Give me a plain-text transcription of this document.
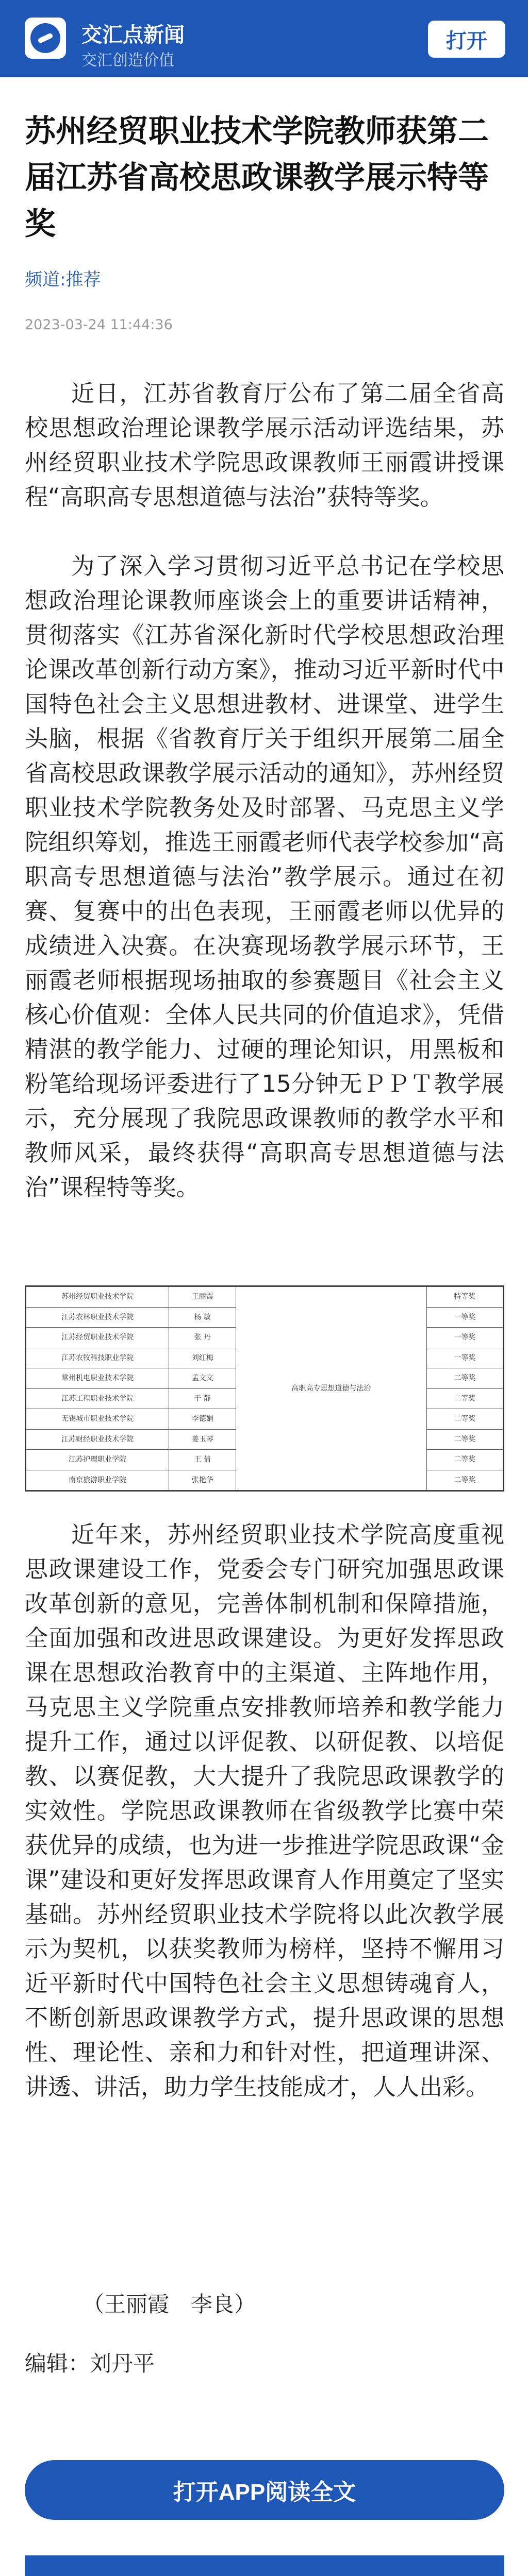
交汇点新闻
交汇创造价值
打开
苏州经贸职业技术学院教师获第二届江苏省高校思政课教学展示特等奖
频道:推荐
2023-03-24 11:44:36

近日，江苏省教育厅公布了第二届全省高校思想政治理论课教学展示活动评选结果，苏州经贸职业技术学院思政课教师王丽霞讲授课程“高职高专思想道德与法治”获特等奖。

为了深入学习贯彻习近平总书记在学校思想政治理论课教师座谈会上的重要讲话精神，贯彻落实《江苏省深化新时代学校思想政治理论课改革创新行动方案》，推动习近平新时代中国特色社会主义思想进教材、进课堂、进学生头脑，根据《省教育厅关于组织开展第二届全省高校思政课教学展示活动的通知》，苏州经贸职业技术学院教务处及时部署、马克思主义学院组织筹划，推选王丽霞老师代表学校参加“高职高专思想道德与法治”教学展示。通过在初赛、复赛中的出色表现，王丽霞老师以优异的成绩进入决赛。在决赛现场教学展示环节，王丽霞老师根据现场抽取的参赛题目《社会主义核心价值观：全体人民共同的价值追求》，凭借精湛的教学能力、过硬的理论知识，用黑板和粉笔给现场评委进行了15分钟无ＰＰＴ教学展示，充分展现了我院思政课教师的教学水平和教师风采，最终获得“高职高专思想道德与法治”课程特等奖。

苏州经贸职业技术学院	王丽霞	高职高专思想道德与法治	特等奖
江苏农林职业技术学院	杨 敏		一等奖
江苏经贸职业技术学院	张 丹		一等奖
江苏农牧科技职业学院	刘红梅		一等奖
常州机电职业技术学院	孟文文		二等奖
江苏工程职业技术学院	于 静		二等奖
无锡城市职业技术学院	李德娟		二等奖
江苏财经职业技术学院	姜玉琴		二等奖
江苏护理职业学院	王 倩		二等奖
南京旅游职业学院	张艳华		二等奖

近年来，苏州经贸职业技术学院高度重视思政课建设工作，党委会专门研究加强思政课改革创新的意见，完善体制机制和保障措施，全面加强和改进思政课建设。为更好发挥思政课在思想政治教育中的主渠道、主阵地作用，马克思主义学院重点安排教师培养和教学能力提升工作，通过以评促教、以研促教、以培促教、以赛促教，大大提升了我院思政课教学的实效性。学院思政课教师在省级教学比赛中荣获优异的成绩，也为进一步推进学院思政课“金课”建设和更好发挥思政课育人作用奠定了坚实基础。苏州经贸职业技术学院将以此次教学展示为契机，以获奖教师为榜样，坚持不懈用习近平新时代中国特色社会主义思想铸魂育人，不断创新思政课教学方式，提升思政课的思想性、理论性、亲和力和针对性，把道理讲深、讲透、讲活，助力学生技能成才，人人出彩。

（王丽霞　李良）
编辑：刘丹平
打开APP阅读全文
